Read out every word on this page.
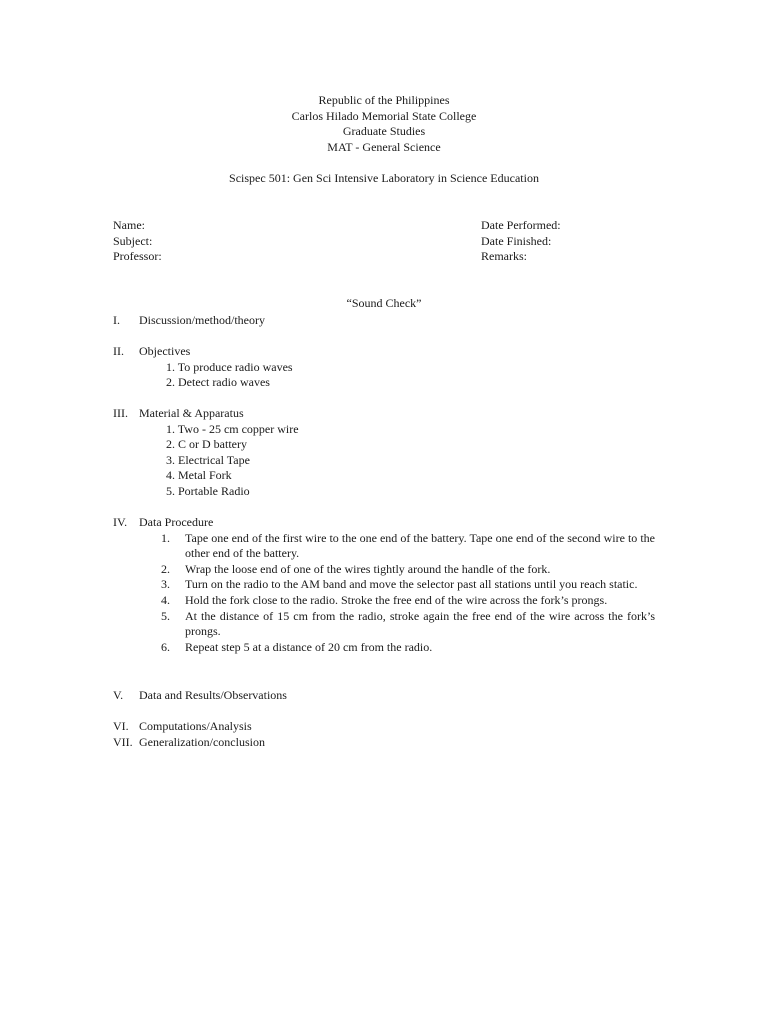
Republic of the Philippines
Carlos Hilado Memorial State College
Graduate Studies
MAT - General Science
Scispec 501: Gen Sci Intensive Laboratory in Science Education
Name:
Subject:
Professor:
Date Performed:
Date Finished:
Remarks:
“Sound Check”
I. Discussion/method/theory
II. Objectives
1. To produce radio waves
2. Detect radio waves
III. Material & Apparatus
1. Two - 25 cm copper wire
2. C or D battery
3. Electrical Tape
4. Metal Fork
5. Portable Radio
IV. Data Procedure
1. Tape one end of the first wire to the one end of the battery. Tape one end of the second wire to the other end of the battery.
2. Wrap the loose end of one of the wires tightly around the handle of the fork.
3. Turn on the radio to the AM band and move the selector past all stations until you reach static.
4. Hold the fork close to the radio. Stroke the free end of the wire across the fork’s prongs.
5. At the distance of 15 cm from the radio, stroke again the free end of the wire across the fork’s prongs.
6. Repeat step 5 at a distance of 20 cm from the radio.
V. Data and Results/Observations
VI. Computations/Analysis
VII. Generalization/conclusion
